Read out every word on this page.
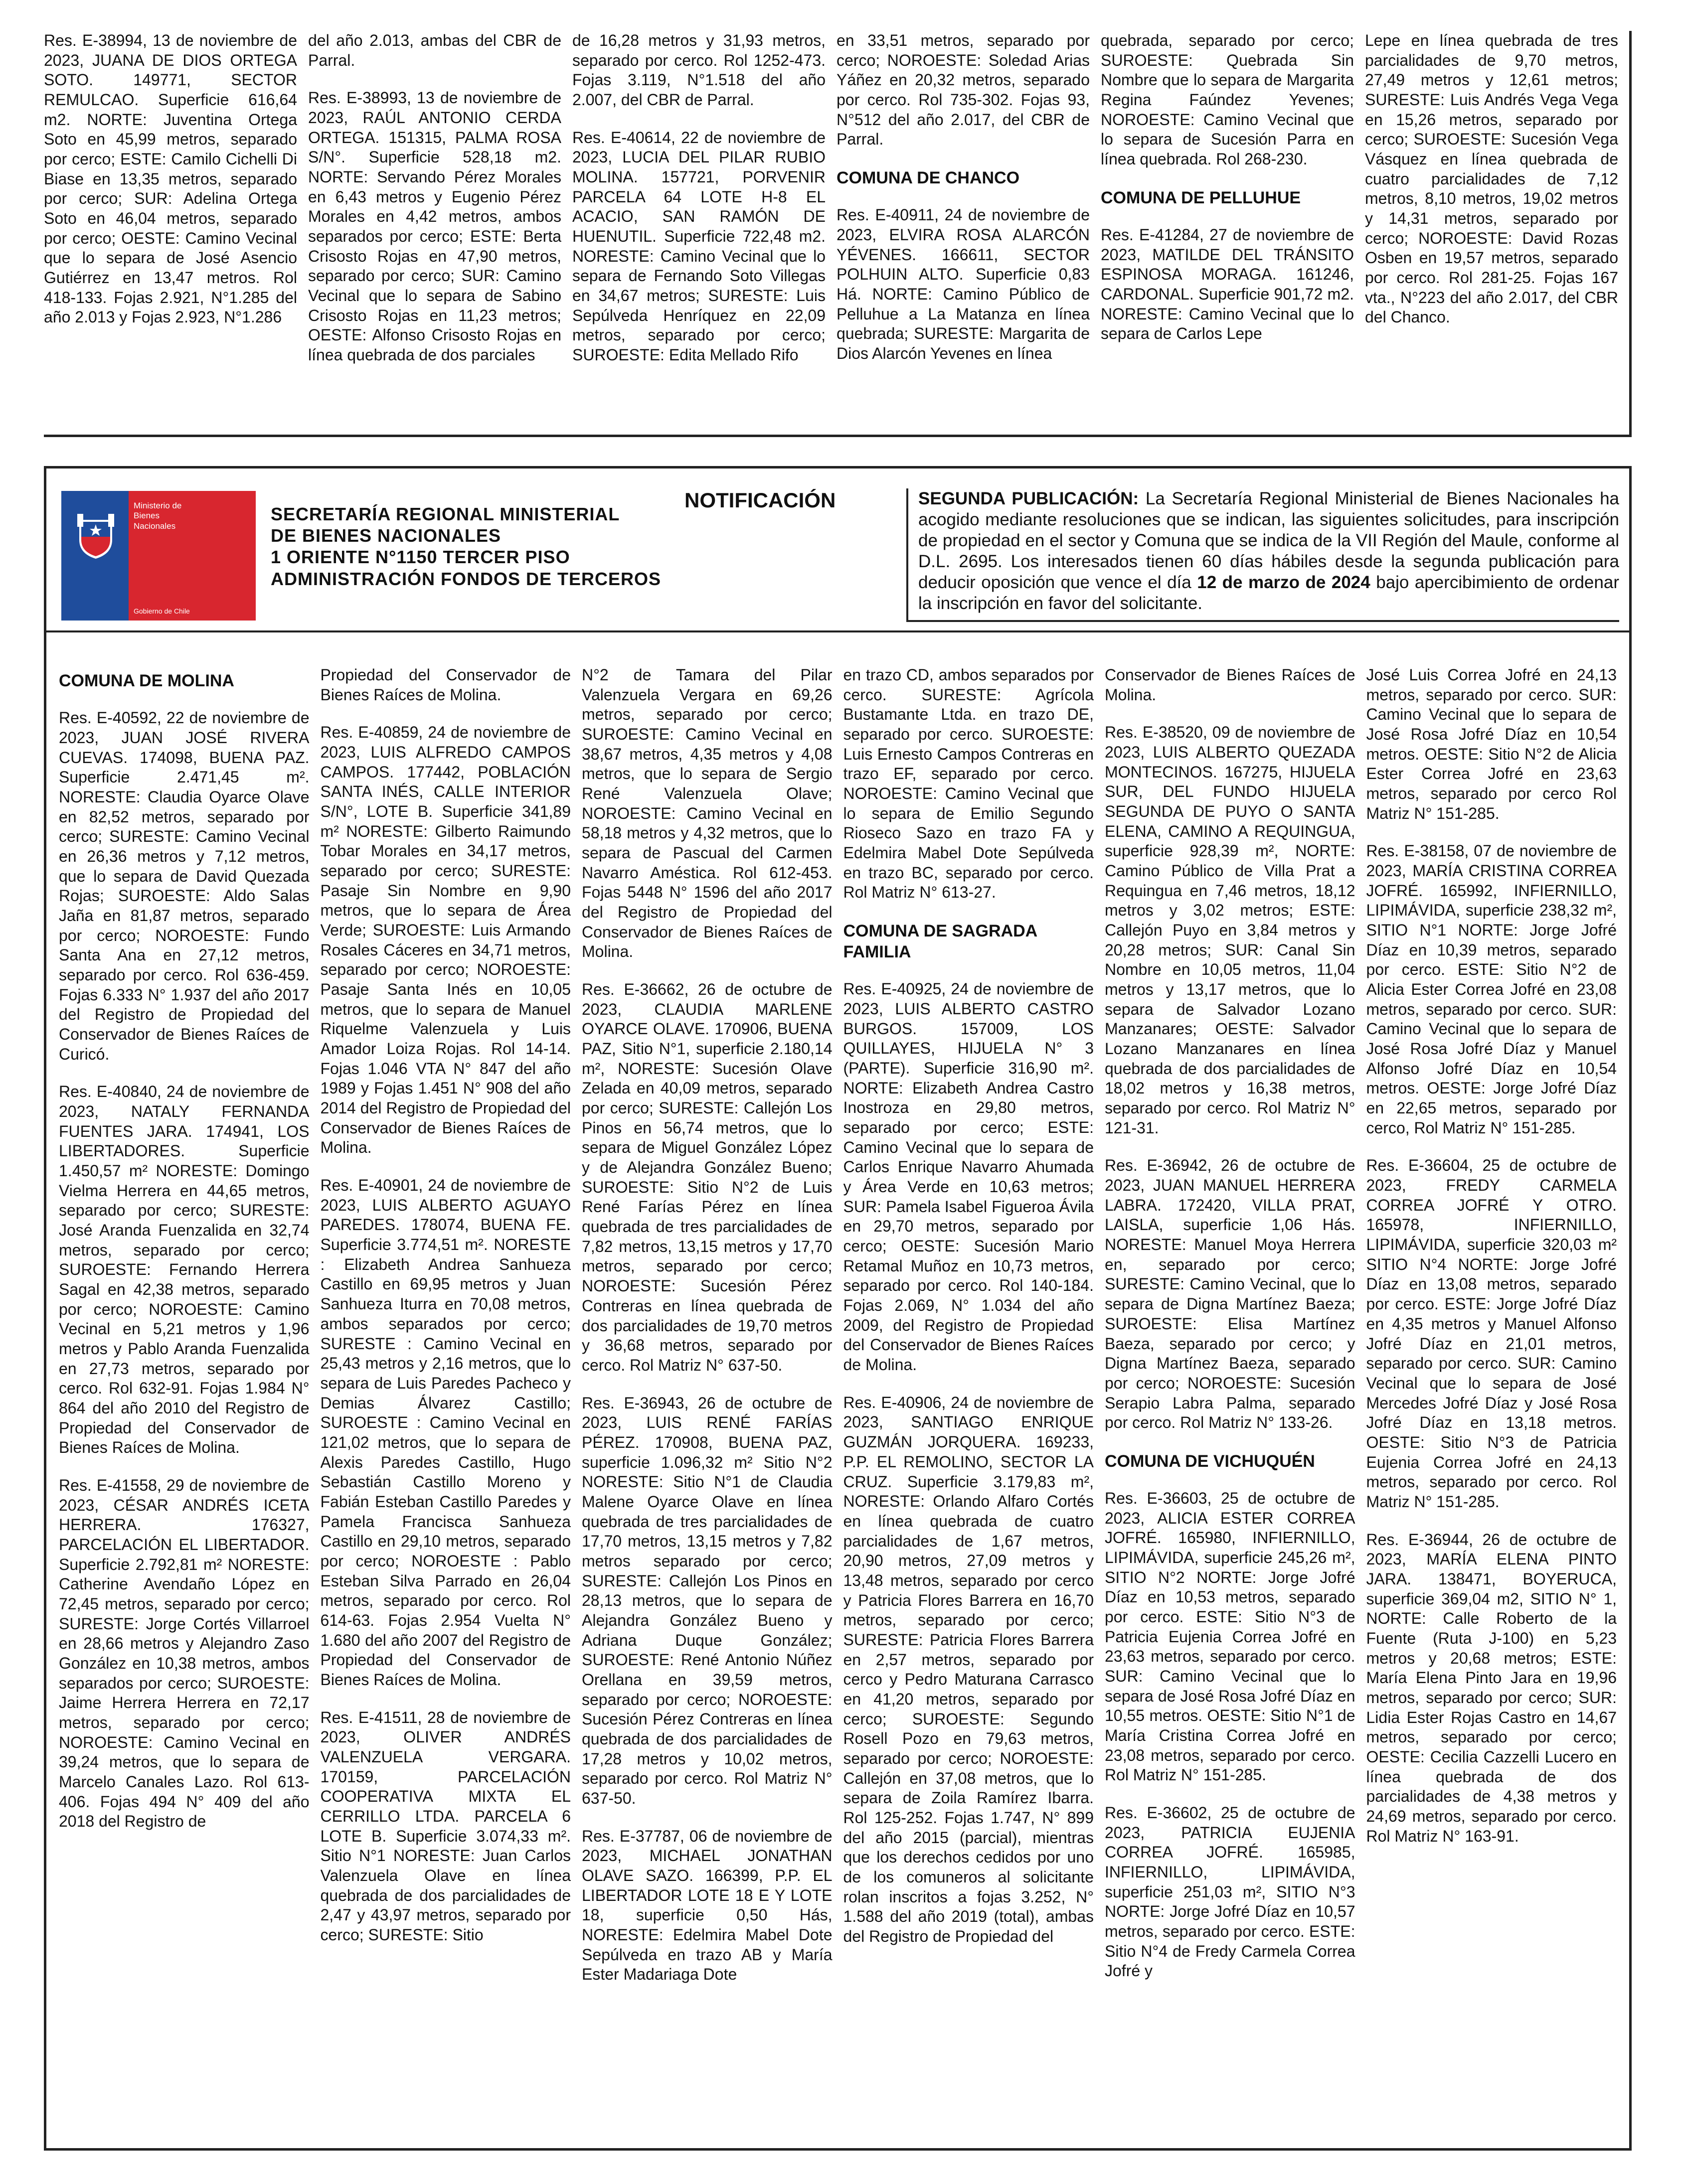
Res. E-38994, 13 de noviembre de 2023, JUANA DE DIOS ORTEGA SOTO. 149771, SECTOR REMULCAO. Superficie 616,64 m2. NORTE: Juventina Ortega Soto en 45,99 metros, separado por cerco; ESTE: Camilo Cichelli Di Biase en 13,35 metros, separado por cerco; SUR: Adelina Ortega Soto en 46,04 metros, separado por cerco; OESTE: Camino Vecinal que lo separa de José Asencio Gutiérrez en 13,47 metros. Rol 418-133. Fojas 2.921, N°1.285 del año 2.013 y Fojas 2.923, N°1.286

del año 2.013, ambas del CBR de Parral.

Res. E-38993, 13 de noviembre de 2023, RAÚL ANTONIO CERDA ORTEGA. 151315, PALMA ROSA S/N°. Superficie 528,18 m2. NORTE: Servando Pérez Morales en 6,43 metros y Eugenio Pérez Morales en 4,42 metros, ambos separados por cerco; ESTE: Berta Crisosto Rojas en 47,90 metros, separado por cerco; SUR: Camino Vecinal que lo separa de Sabino Crisosto Rojas en 11,23 metros; OESTE: Alfonso Crisosto Rojas en línea quebrada de dos parciales

de 16,28 metros y 31,93 metros, separado por cerco. Rol 1252-473. Fojas 3.119, N°1.518 del año 2.007, del CBR de Parral.

Res. E-40614, 22 de noviembre de 2023, LUCIA DEL PILAR RUBIO MOLINA. 157721, PORVENIR PARCELA 64 LOTE H-8 EL ACACIO, SAN RAMÓN DE HUENUTIL. Superficie 722,48 m2. NORESTE: Camino Vecinal que lo separa de Fernando Soto Villegas en 34,67 metros; SURESTE: Luis Sepúlveda Henríquez en 22,09 metros, separado por cerco; SUROESTE: Edita Mellado Rifo

en 33,51 metros, separado por cerco; NOROESTE: Soledad Arias Yáñez en 20,32 metros, separado por cerco. Rol 735-302. Fojas 93, N°512 del año 2.017, del CBR de Parral.

COMUNA DE CHANCO

Res. E-40911, 24 de noviembre de 2023, ELVIRA ROSA ALARCÓN YÉVENES. 166611, SECTOR POLHUIN ALTO. Superficie 0,83 Há. NORTE: Camino Público de Pelluhue a La Matanza en línea quebrada; SURESTE: Margarita de Dios Alarcón Yevenes en línea

quebrada, separado por cerco; SUROESTE: Quebrada Sin Nombre que lo separa de Margarita Regina Faúndez Yevenes; NOROESTE: Camino Vecinal que lo separa de Sucesión Parra en línea quebrada. Rol 268-230.

COMUNA DE PELLUHUE

Res. E-41284, 27 de noviembre de 2023, MATILDE DEL TRÁNSITO ESPINOSA MORAGA. 161246, CARDONAL. Superficie 901,72 m2. NORESTE: Camino Vecinal que lo separa de Carlos Lepe

Lepe en línea quebrada de tres parcialidades de 9,70 metros, 27,49 metros y 12,61 metros; SURESTE: Luis Andrés Vega Vega en 15,26 metros, separado por cerco; SUROESTE: Sucesión Vega Vásquez en línea quebrada de cuatro parcialidades de 7,12 metros, 8,10 metros, 19,02 metros y 14,31 metros, separado por cerco; NOROESTE: David Rozas Osben en 19,57 metros, separado por cerco. Rol 281-25. Fojas 167 vta., N°223 del año 2.017, del CBR del Chanco.

Ministerio de
Bienes
Nacionales
Gobierno de Chile
SECRETARÍA REGIONAL MINISTERIAL
DE BIENES NACIONALES
1 ORIENTE N°1150 TERCER PISO
ADMINISTRACIÓN FONDOS DE TERCEROS
NOTIFICACIÓN	SEGUNDA PUBLICACIÓN: La Secretaría Regional Ministerial de Bienes Nacionales ha acogido mediante resoluciones que se indican, las siguientes solicitudes, para inscripción de propiedad en el sector y Comuna que se indica de la VII Región del Maule, conforme al D.L. 2695. Los interesados tienen 60 días hábiles desde la segunda publicación para deducir oposición que vence el día 12 de marzo de 2024 bajo apercibimiento de ordenar la inscripción en favor del solicitante.
COMUNA DE MOLINA

Res. E-40592, 22 de noviembre de 2023, JUAN JOSÉ RIVERA CUEVAS. 174098, BUENA PAZ. Superficie 2.471,45 m². NORESTE: Claudia Oyarce Olave en 82,52 metros, separado por cerco; SURESTE: Camino Vecinal en 26,36 metros y 7,12 metros, que lo separa de David Quezada Rojas; SUROESTE: Aldo Salas Jaña en 81,87 metros, separado por cerco; NOROESTE: Fundo Santa Ana en 27,12 metros, separado por cerco. Rol 636-459. Fojas 6.333 N° 1.937 del año 2017 del Registro de Propiedad del Conservador de Bienes Raíces de Curicó.

Res. E-40840, 24 de noviembre de 2023, NATALY FERNANDA FUENTES JARA. 174941, LOS LIBERTADORES. Superficie 1.450,57 m² NORESTE: Domingo Vielma Herrera en 44,65 metros, separado por cerco; SURESTE: José Aranda Fuenzalida en 32,74 metros, separado por cerco; SUROESTE: Fernando Herrera Sagal en 42,38 metros, separado por cerco; NOROESTE: Camino Vecinal en 5,21 metros y 1,96 metros y Pablo Aranda Fuenzalida en 27,73 metros, separado por cerco. Rol 632-91. Fojas 1.984 N° 864 del año 2010 del Registro de Propiedad del Conservador de Bienes Raíces de Molina.

Res. E-41558, 29 de noviembre de 2023, CÉSAR ANDRÉS ICETA HERRERA. 176327, PARCELACIÓN EL LIBERTADOR. Superficie 2.792,81 m² NORESTE: Catherine Avendaño López en 72,45 metros, separado por cerco; SURESTE: Jorge Cortés Villarroel en 28,66 metros y Alejandro Zaso González en 10,38 metros, ambos separados por cerco; SUROESTE: Jaime Herrera Herrera en 72,17 metros, separado por cerco; NOROESTE: Camino Vecinal en 39,24 metros, que lo separa de Marcelo Canales Lazo. Rol 613-406. Fojas 494 N° 409 del año 2018 del Registro de

Propiedad del Conservador de Bienes Raíces de Molina.

Res. E-40859, 24 de noviembre de 2023, LUIS ALFREDO CAMPOS CAMPOS. 177442, POBLACIÓN SANTA INÉS, CALLE INTERIOR S/N°, LOTE B. Superficie 341,89 m² NORESTE: Gilberto Raimundo Tobar Morales en 34,17 metros, separado por cerco; SURESTE: Pasaje Sin Nombre en 9,90 metros, que lo separa de Área Verde; SUROESTE: Luis Armando Rosales Cáceres en 34,71 metros, separado por cerco; NOROESTE: Pasaje Santa Inés en 10,05 metros, que lo separa de Manuel Riquelme Valenzuela y Luis Amador Loiza Rojas. Rol 14-14. Fojas 1.046 VTA N° 847 del año 1989 y Fojas 1.451 N° 908 del año 2014 del Registro de Propiedad del Conservador de Bienes Raíces de Molina.

Res. E-40901, 24 de noviembre de 2023, LUIS ALBERTO AGUAYO PAREDES. 178074, BUENA FE. Superficie 3.774,51 m². NORESTE : Elizabeth Andrea Sanhueza Castillo en 69,95 metros y Juan Sanhueza Iturra en 70,08 metros, ambos separados por cerco; SURESTE : Camino Vecinal en 25,43 metros y 2,16 metros, que lo separa de Luis Paredes Pacheco y Demias Álvarez Castillo; SUROESTE : Camino Vecinal en 121,02 metros, que lo separa de Alexis Paredes Castillo, Hugo Sebastián Castillo Moreno y Fabián Esteban Castillo Paredes y Pamela Francisca Sanhueza Castillo en 29,10 metros, separado por cerco; NOROESTE : Pablo Esteban Silva Parrado en 26,04 metros, separado por cerco. Rol 614-63. Fojas 2.954 Vuelta N° 1.680 del año 2007 del Registro de Propiedad del Conservador de Bienes Raíces de Molina.

Res. E-41511, 28 de noviembre de 2023, OLIVER ANDRÉS VALENZUELA VERGARA. 170159, PARCELACIÓN COOPERATIVA MIXTA EL CERRILLO LTDA. PARCELA 6 LOTE B. Superficie 3.074,33 m². Sitio N°1 NORESTE: Juan Carlos Valenzuela Olave en línea quebrada de dos parcialidades de 2,47 y 43,97 metros, separado por cerco; SURESTE: Sitio

N°2 de Tamara del Pilar Valenzuela Vergara en 69,26 metros, separado por cerco; SUROESTE: Camino Vecinal en 38,67 metros, 4,35 metros y 4,08 metros, que lo separa de Sergio René Valenzuela Olave; NOROESTE: Camino Vecinal en 58,18 metros y 4,32 metros, que lo separa de Pascual del Carmen Navarro Améstica. Rol 612-453. Fojas 5448 N° 1596 del año 2017 del Registro de Propiedad del Conservador de Bienes Raíces de Molina.

Res. E-36662, 26 de octubre de 2023, CLAUDIA MARLENE OYARCE OLAVE. 170906, BUENA PAZ, Sitio N°1, superficie 2.180,14 m², NORESTE: Sucesión Olave Zelada en 40,09 metros, separado por cerco; SURESTE: Callejón Los Pinos en 56,74 metros, que lo separa de Miguel González López y de Alejandra González Bueno; SUROESTE: Sitio N°2 de Luis René Farías Pérez en línea quebrada de tres parcialidades de 7,82 metros, 13,15 metros y 17,70 metros, separado por cerco; NOROESTE: Sucesión Pérez Contreras en línea quebrada de dos parcialidades de 19,70 metros y 36,68 metros, separado por cerco. Rol Matriz N° 637-50.

Res. E-36943, 26 de octubre de 2023, LUIS RENÉ FARÍAS PÉREZ. 170908, BUENA PAZ, superficie 1.096,32 m² Sitio N°2 NORESTE: Sitio N°1 de Claudia Malene Oyarce Olave en línea quebrada de tres parcialidades de 17,70 metros, 13,15 metros y 7,82 metros separado por cerco; SURESTE: Callejón Los Pinos en 28,13 metros, que lo separa de Alejandra González Bueno y Adriana Duque González; SUROESTE: René Antonio Núñez Orellana en 39,59 metros, separado por cerco; NOROESTE: Sucesión Pérez Contreras en línea quebrada de dos parcialidades de 17,28 metros y 10,02 metros, separado por cerco. Rol Matriz N° 637-50.

Res. E-37787, 06 de noviembre de 2023, MICHAEL JONATHAN OLAVE SAZO. 166399, P.P. EL LIBERTADOR LOTE 18 E Y LOTE 18, superficie 0,50 Hás, NORESTE: Edelmira Mabel Dote Sepúlveda en trazo AB y María Ester Madariaga Dote

en trazo CD, ambos separados por cerco. SURESTE: Agrícola Bustamante Ltda. en trazo DE, separado por cerco. SUROESTE: Luis Ernesto Campos Contreras en trazo EF, separado por cerco. NOROESTE: Camino Vecinal que lo separa de Emilio Segundo Rioseco Sazo en trazo FA y Edelmira Mabel Dote Sepúlveda en trazo BC, separado por cerco. Rol Matriz N° 613-27.

COMUNA DE SAGRADA FAMILIA

Res. E-40925, 24 de noviembre de 2023, LUIS ALBERTO CASTRO BURGOS. 157009, LOS QUILLAYES, HIJUELA N° 3 (PARTE). Superficie 316,90 m². NORTE: Elizabeth Andrea Castro Inostroza en 29,80 metros, separado por cerco; ESTE: Camino Vecinal que lo separa de Carlos Enrique Navarro Ahumada y Área Verde en 10,63 metros; SUR: Pamela Isabel Figueroa Ávila en 29,70 metros, separado por cerco; OESTE: Sucesión Mario Retamal Muñoz en 10,73 metros, separado por cerco. Rol 140-184. Fojas 2.069, N° 1.034 del año 2009, del Registro de Propiedad del Conservador de Bienes Raíces de Molina.

Res. E-40906, 24 de noviembre de 2023, SANTIAGO ENRIQUE GUZMÁN JORQUERA. 169233, P.P. EL REMOLINO, SECTOR LA CRUZ. Superficie 3.179,83 m², NORESTE: Orlando Alfaro Cortés en línea quebrada de cuatro parcialidades de 1,67 metros, 20,90 metros, 27,09 metros y 13,48 metros, separado por cerco y Patricia Flores Barrera en 16,70 metros, separado por cerco; SURESTE: Patricia Flores Barrera en 2,57 metros, separado por cerco y Pedro Maturana Carrasco en 41,20 metros, separado por cerco; SUROESTE: Segundo Rosell Pozo en 79,63 metros, separado por cerco; NOROESTE: Callejón en 37,08 metros, que lo separa de Zoila Ramírez Ibarra. Rol 125-252. Fojas 1.747, N° 899 del año 2015 (parcial), mientras que los derechos cedidos por uno de los comuneros al solicitante rolan inscritos a fojas 3.252, N° 1.588 del año 2019 (total), ambas del Registro de Propiedad del

Conservador de Bienes Raíces de Molina.

Res. E-38520, 09 de noviembre de 2023, LUIS ALBERTO QUEZADA MONTECINOS. 167275, HIJUELA SUR, DEL FUNDO HIJUELA SEGUNDA DE PUYO O SANTA ELENA, CAMINO A REQUINGUA, superficie 928,39 m², NORTE: Camino Público de Villa Prat a Requingua en 7,46 metros, 18,12 metros y 3,02 metros; ESTE: Callejón Puyo en 3,84 metros y 20,28 metros; SUR: Canal Sin Nombre en 10,05 metros, 11,04 metros y 13,17 metros, que lo separa de Salvador Lozano Manzanares; OESTE: Salvador Lozano Manzanares en línea quebrada de dos parcialidades de 18,02 metros y 16,38 metros, separado por cerco. Rol Matriz N° 121-31.

Res. E-36942, 26 de octubre de 2023, JUAN MANUEL HERRERA LABRA. 172420, VILLA PRAT, LAISLA, superficie 1,06 Hás. NORESTE: Manuel Moya Herrera en, separado por cerco; SURESTE: Camino Vecinal, que lo separa de Digna Martínez Baeza; SUROESTE: Elisa Martínez Baeza, separado por cerco; y Digna Martínez Baeza, separado por cerco; NOROESTE: Sucesión Serapio Labra Palma, separado por cerco. Rol Matriz N° 133-26.

COMUNA DE VICHUQUÉN

Res. E-36603, 25 de octubre de 2023, ALICIA ESTER CORREA JOFRÉ. 165980, INFIERNILLO, LIPIMÁVIDA, superficie 245,26 m², SITIO N°2 NORTE: Jorge Jofré Díaz en 10,53 metros, separado por cerco. ESTE: Sitio N°3 de Patricia Eujenia Correa Jofré en 23,63 metros, separado por cerco. SUR: Camino Vecinal que lo separa de José Rosa Jofré Díaz en 10,55 metros. OESTE: Sitio N°1 de María Cristina Correa Jofré en 23,08 metros, separado por cerco. Rol Matriz N° 151-285.

Res. E-36602, 25 de octubre de 2023, PATRICIA EUJENIA CORREA JOFRÉ. 165985, INFIERNILLO, LIPIMÁVIDA, superficie 251,03 m², SITIO N°3 NORTE: Jorge Jofré Díaz en 10,57 metros, separado por cerco. ESTE: Sitio N°4 de Fredy Carmela Correa Jofré y

José Luis Correa Jofré en 24,13 metros, separado por cerco. SUR: Camino Vecinal que lo separa de José Rosa Jofré Díaz en 10,54 metros. OESTE: Sitio N°2 de Alicia Ester Correa Jofré en 23,63 metros, separado por cerco Rol Matriz N° 151-285.

Res. E-38158, 07 de noviembre de 2023, MARÍA CRISTINA CORREA JOFRÉ. 165992, INFIERNILLO, LIPIMÁVIDA, superficie 238,32 m², SITIO N°1 NORTE: Jorge Jofré Díaz en 10,39 metros, separado por cerco. ESTE: Sitio N°2 de Alicia Ester Correa Jofré en 23,08 metros, separado por cerco. SUR: Camino Vecinal que lo separa de José Rosa Jofré Díaz y Manuel Alfonso Jofré Díaz en 10,54 metros. OESTE: Jorge Jofré Díaz en 22,65 metros, separado por cerco, Rol Matriz N° 151-285.

Res. E-36604, 25 de octubre de 2023, FREDY CARMELA CORREA JOFRÉ Y OTRO. 165978, INFIERNILLO, LIPIMÁVIDA, superficie 320,03 m² SITIO N°4 NORTE: Jorge Jofré Díaz en 13,08 metros, separado por cerco. ESTE: Jorge Jofré Díaz en 4,35 metros y Manuel Alfonso Jofré Díaz en 21,01 metros, separado por cerco. SUR: Camino Vecinal que lo separa de José Mercedes Jofré Díaz y José Rosa Jofré Díaz en 13,18 metros. OESTE: Sitio N°3 de Patricia Eujenia Correa Jofré en 24,13 metros, separado por cerco. Rol Matriz N° 151-285.

Res. E-36944, 26 de octubre de 2023, MARÍA ELENA PINTO JARA. 138471, BOYERUCA, superficie 369,04 m2, SITIO N° 1, NORTE: Calle Roberto de la Fuente (Ruta J-100) en 5,23 metros y 20,68 metros; ESTE: María Elena Pinto Jara en 19,96 metros, separado por cerco; SUR: Lidia Ester Rojas Castro en 14,67 metros, separado por cerco; OESTE: Cecilia Cazzelli Lucero en línea quebrada de dos parcialidades de 4,38 metros y 24,69 metros, separado por cerco. Rol Matriz N° 163-91.
